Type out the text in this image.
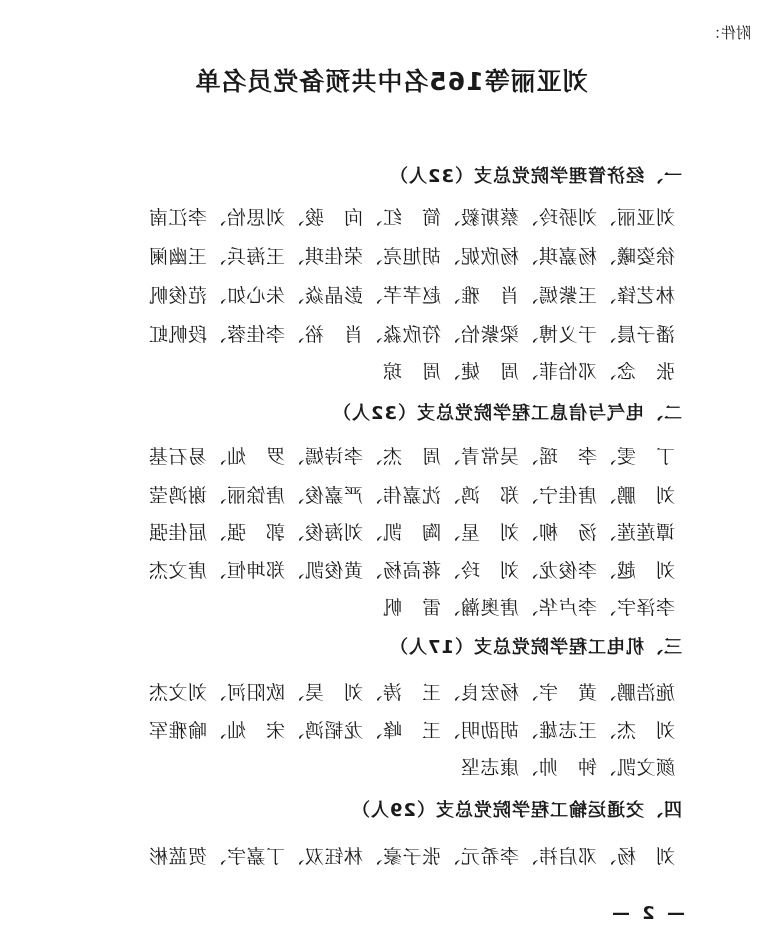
附件：
刘亚丽等165名中共预备党员名单
一、经济管理学院党总支（32人）
刘亚丽、刘骄玲、蔡斯毅、简　红、向　骏、刘思怡、李江南
徐姿曦、杨嘉琪、杨欣妮、胡旭亮、荣佳琪、王海兵、王幽阑
林艺锋、王紫嫣、肖　雅、赵芊芊、彭晶焱、朱心如、范俊帆
潘子晨、于义博、梁紫怡、符欣淼、肖　裕、李佳蓉、段帆虹
张　念、邓怡菲、周　婕、周　琼
二、电气与信息工程学院党总支（32人）
丁　雯、李　瑶、吴常青、周　杰、李诗嫣、罗　灿、易石基
刘　鹏、唐佳宁、郑　鸿、沈嘉伟、严嘉俊、唐馀丽、谢鸿莹
谭莲莲、汤　柳、刘　星、陶　凯、刘海俊、郭　强、屈佳强
刘　越、李俊龙、刘　玲、蒋高杨、黄俊凯、郑坤恒、唐文杰
李泽宇、李卢华、唐奥瀚、雷　帆
三、机电工程学院党总支（17人）
施浩鹏、黄　宇、杨宏良、王　涛、刘　昊、欧阳河、刘文杰
刘　杰、王志雄、胡劭明、王　峰、龙韬鸿、宋　灿、喻雅军
颜文凯、钟　帅、康志坚
四、交通运输工程学院党总支（29人）
刘　杨、邓启祎、李希元、张子豪、林钰双、丁嘉宇、贺蓝彬
— 2 —
